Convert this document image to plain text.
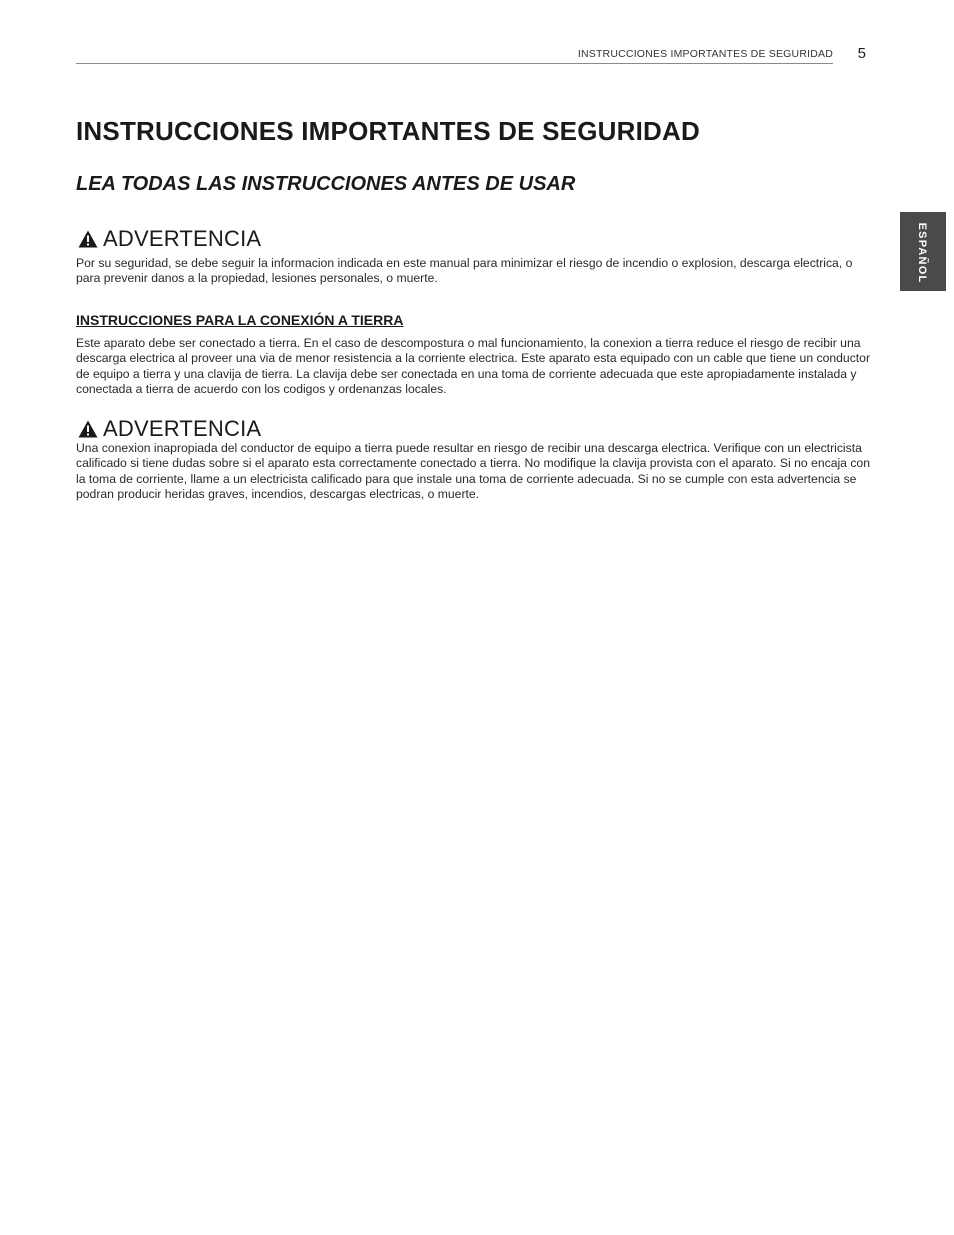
INSTRUCCIONES IMPORTANTES DE SEGURIDAD 5
ESPAÑOL
INSTRUCCIONES IMPORTANTES DE SEGURIDAD
LEA TODAS LAS INSTRUCCIONES ANTES DE USAR
ADVERTENCIA

Por su seguridad, se debe seguir la informacion indicada en este manual para minimizar el riesgo de incendio o explosion, descarga electrica, o para prevenir danos a la propiedad, lesiones personales, o muerte.

INSTRUCCIONES PARA LA CONEXIÓN A TIERRA

Este aparato debe ser conectado a tierra. En el caso de descompostura o mal funcionamiento, la conexion a tierra reduce el riesgo de recibir una descarga electrica al proveer una via de menor resistencia a la corriente electrica. Este aparato esta equipado con un cable que tiene un conductor de equipo a tierra y una clavija de tierra. La clavija debe ser conectada en una toma de corriente adecuada que este apropiadamente instalada y conectada a tierra de acuerdo con los codigos y ordenanzas locales.

ADVERTENCIA

Una conexion inapropiada del conductor de equipo a tierra puede resultar en riesgo de recibir una descarga electrica. Verifique con un electricista calificado si tiene dudas sobre si el aparato esta correctamente conectado a tierra. No modifique la clavija provista con el aparato. Si no encaja con la toma de corriente, llame a un electricista calificado para que instale una toma de corriente adecuada. Si no se cumple con esta advertencia se podran producir heridas graves, incendios, descargas electricas, o muerte.
